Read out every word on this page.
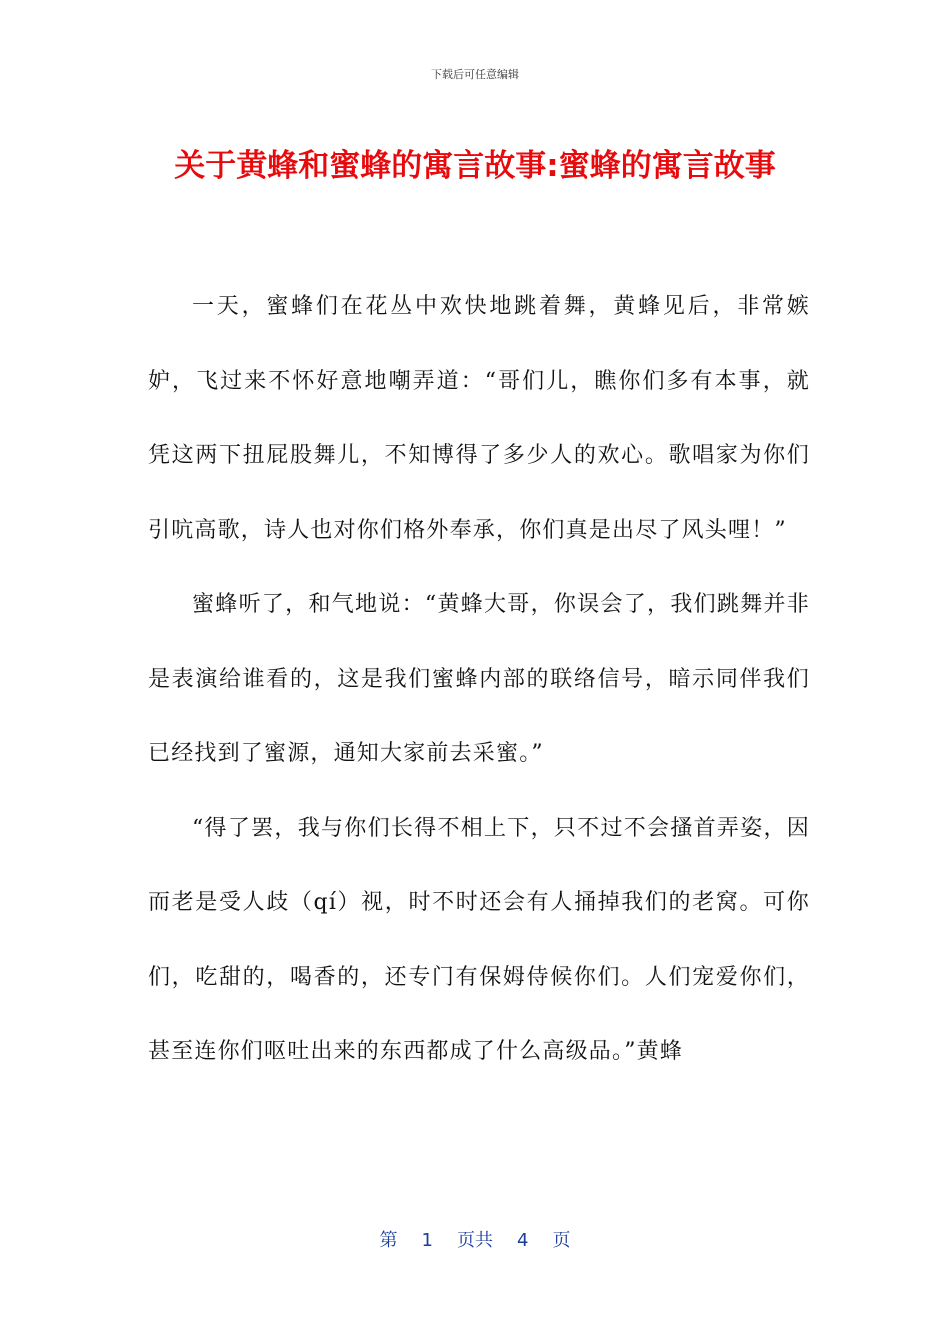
下载后可任意编辑
关于黄蜂和蜜蜂的寓言故事:蜜蜂的寓言故事

一天，蜜蜂们在花丛中欢快地跳着舞，黄蜂见后，非常嫉妒，飞过来不怀好意地嘲弄道：“哥们儿，瞧你们多有本事，就凭这两下扭屁股舞儿，不知博得了多少人的欢心。歌唱家为你们引吭高歌，诗人也对你们格外奉承，你们真是出尽了风头哩！”

蜜蜂听了，和气地说：“黄蜂大哥，你误会了，我们跳舞并非是表演给谁看的，这是我们蜜蜂内部的联络信号，暗示同伴我们已经找到了蜜源，通知大家前去采蜜。”

“得了罢，我与你们长得不相上下，只不过不会搔首弄姿，因而老是受人歧（qí）视，时不时还会有人捅掉我们的老窝。可你们，吃甜的，喝香的，还专门有保姆侍候你们。人们宠爱你们，甚至连你们呕吐出来的东西都成了什么高级品。”黄蜂

第 1 页共 4 页
